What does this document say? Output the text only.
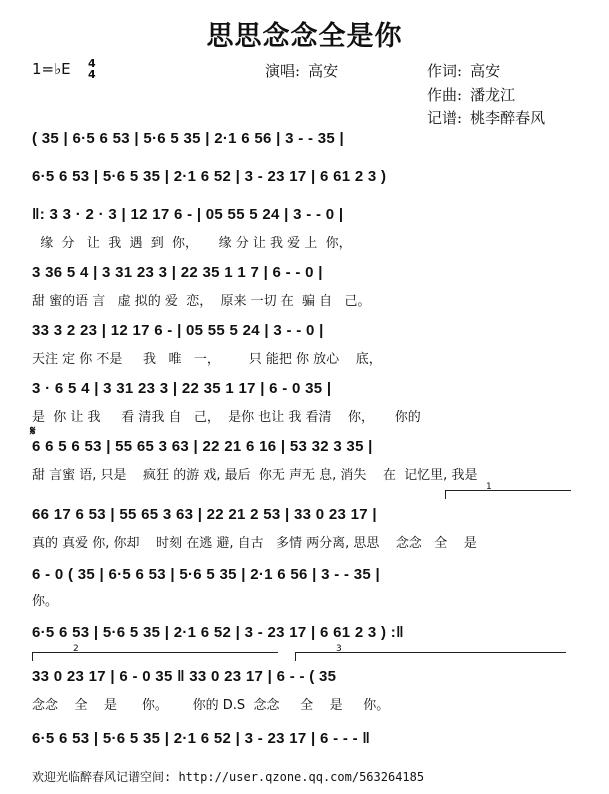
思思念念全是你
1=♭E 4
4	演唱: 高安	作词: 高安
作曲: 潘龙江
记谱: 桃李醉春风
( 35 | 6·5 6 53 | 5·6 5 35 | 2·1 6 56 | 3 - - 35 |
6·5 6 53 | 5·6 5 35 | 2·1 6 52 | 3 - 23 17 | 6 61 2 3 )
‖: 3 3 · 2 · 3 | 12 17 6 - | 05 55 5 24 | 3 - - 0 |
缘  分   让  我  遇  到  你，     缘 分 让 我 爱 上  你，
3 36 5 4 | 3 31 23 3 | 22 35 1 1 7 | 6 - - 0 |
甜 蜜的语 言   虚 拟的 爱  恋，  原来 一切 在  骗 自   己。
33 3 2 23 | 12 17 6 - | 05 55 5 24 | 3 - - 0 |
天注 定 你 不是     我   唯   一，       只 能把 你 放心    底，
3 · 6 5 4 | 3 31 23 3 | 22 35 1 17 | 6 - 0 35 |
是  你 让 我     看 清我 自   己，  是你 也让 我 看清    你，     你的
𝄋
6 6 5 6 53 | 55 65 3 63 | 22 21 6 16 | 53 32 3 35 |
甜 言蜜 语, 只是    疯狂 的游 戏, 最后  你无 声无 息, 消失    在  记忆里, 我是
1
66 17 6 53 | 55 65 3 63 | 22 21 2 53 | 33 0 23 17 |
真的 真爱 你, 你却    时刻 在逃 避, 自古   多情 两分离, 思思    念念   全    是
6 - 0 ( 35 | 6·5 6 53 | 5·6 5 35 | 2·1 6 56 | 3 - - 35 |
你。
6·5 6 53 | 5·6 5 35 | 2·1 6 52 | 3 - 23 17 | 6 61 2 3 ) :‖
2	3
33 0 23 17 | 6 - 0 35 ‖ 33 0 23 17 | 6 - - ( 35
念念    全    是      你。      你的 D.S  念念     全    是     你。
6·5 6 53 | 5·6 5 35 | 2·1 6 52 | 3 - 23 17 | 6 - - - ‖
欢迎光临醉春风记谱空间: http://user.qzone.qq.com/563264185
